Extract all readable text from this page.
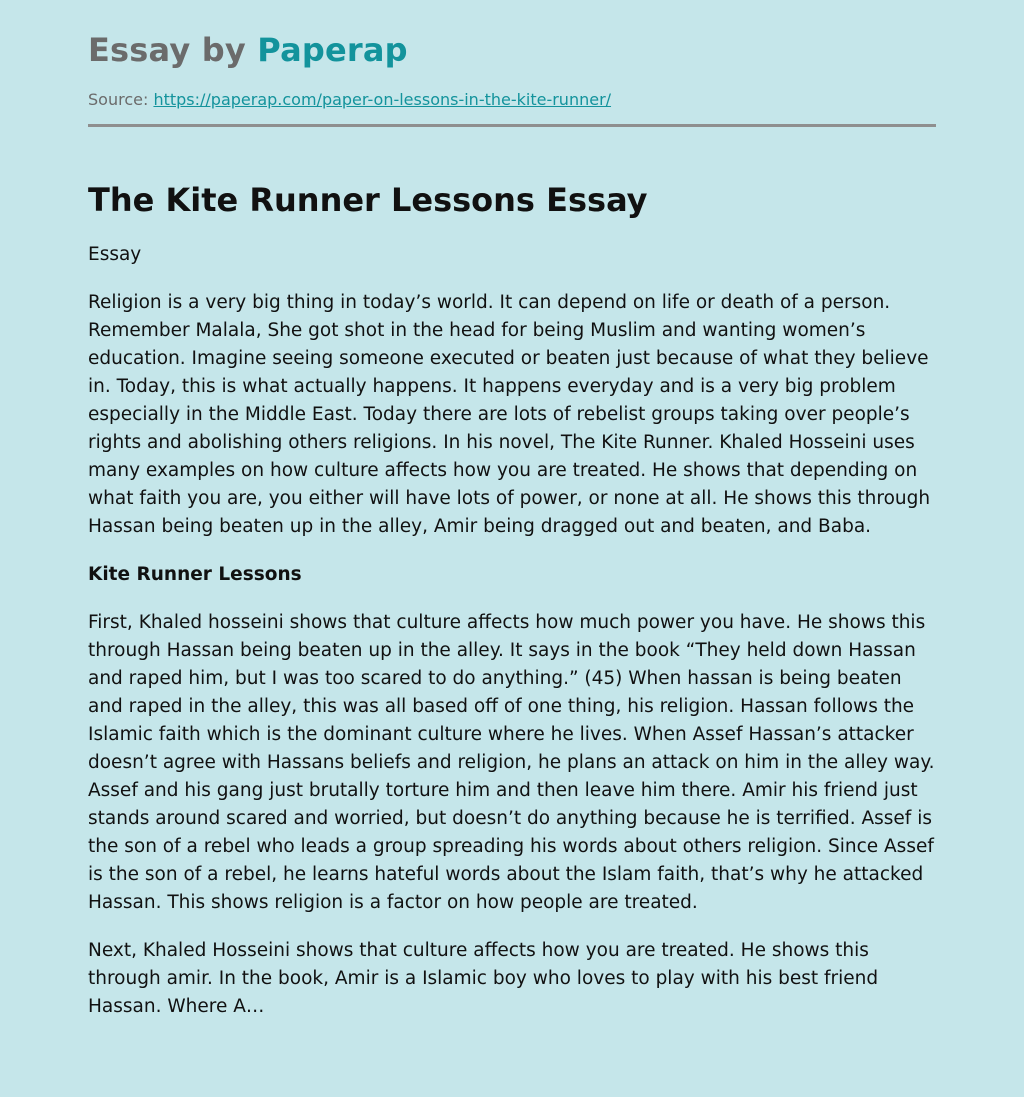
Essay by Paperap
Source: https://paperap.com/paper-on-lessons-in-the-kite-runner/
The Kite Runner Lessons Essay

Essay

Religion is a very big thing in today’s world. It can depend on life or death of a person. Remember Malala, She got shot in the head for being Muslim and wanting women’s education. Imagine seeing someone executed or beaten just because of what they believe in. Today, this is what actually happens. It happens everyday and is a very big problem especially in the Middle East. Today there are lots of rebelist groups taking over people’s rights and abolishing others religions. In his novel, The Kite Runner. Khaled Hosseini uses many examples on how culture affects how you are treated. He shows that depending on what faith you are, you either will have lots of power, or none at all. He shows this through Hassan being beaten up in the alley, Amir being dragged out and beaten, and Baba.

Kite Runner Lessons

First, Khaled hosseini shows that culture affects how much power you have. He shows this through Hassan being beaten up in the alley. It says in the book “They held down Hassan and raped him, but I was too scared to do anything.” (45) When hassan is being beaten and raped in the alley, this was all based off of one thing, his religion. Hassan follows the Islamic faith which is the dominant culture where he lives. When Assef Hassan’s attacker doesn’t agree with Hassans beliefs and religion, he plans an attack on him in the alley way. Assef and his gang just brutally torture him and then leave him there. Amir his friend just stands around scared and worried, but doesn’t do anything because he is terrified. Assef is the son of a rebel who leads a group spreading his words about others religion. Since Assef is the son of a rebel, he learns hateful words about the Islam faith, that’s why he attacked Hassan. This shows religion is a factor on how people are treated.

Next, Khaled Hosseini shows that culture affects how you are treated. He shows this through amir. In the book, Amir is a Islamic boy who loves to play with his best friend Hassan. Where A…
